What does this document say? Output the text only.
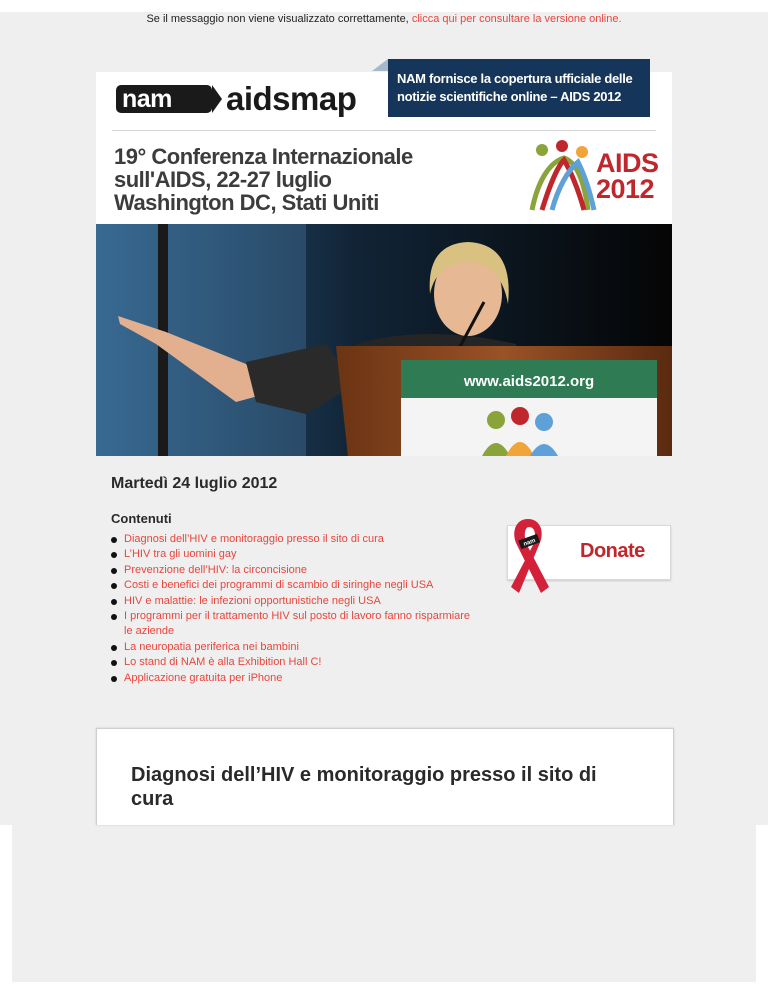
Se il messaggio non viene visualizzato correttamente, clicca qui per consultare la versione online.
nam	aidsmap
19° Conferenza Internazionale
sull'AIDS, 22-27 luglio
Washington DC, Stati Uniti
NAM fornisce la copertura ufficiale delle
notizie scientifiche online – AIDS 2012
AIDS
2012
www.aids2012.org
Martedì 24 luglio 2012
Contenuti
Diagnosi dell’HIV e monitoraggio presso il sito di cura
L’HIV tra gli uomini gay
Prevenzione dell’HIV: la circoncisione
Costi e benefici dei programmi di scambio di siringhe negli USA
HIV e malattie: le infezioni opportunistiche negli USA
I programmi per il trattamento HIV sul posto di lavoro fanno risparmiare le aziende
La neuropatia periferica nei bambini
Lo stand di NAM è alla Exhibition Hall C!
Applicazione gratuita per iPhone
Donate
nam
Diagnosi dell’HIV e monitoraggio presso il sito di cura
